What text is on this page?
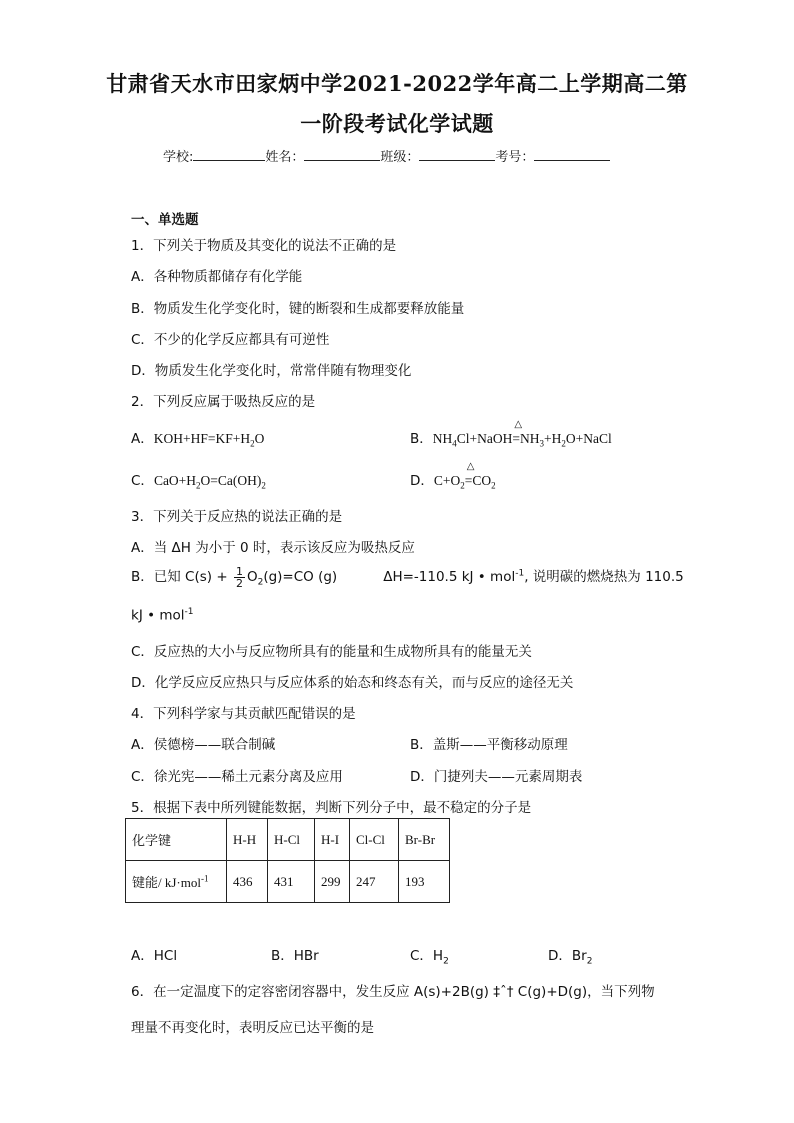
甘肃省天水市田家炳中学2021-2022学年高二上学期高二第
一阶段考试化学试题
学校:	姓名：	班级：	考号：
一、单选题
1．下列关于物质及其变化的说法不正确的是
A．各种物质都储存有化学能
B．物质发生化学变化时，键的断裂和生成都要释放能量
C．不少的化学反应都具有可逆性
D．物质发生化学变化时，常常伴随有物理变化
2．下列反应属于吸热反应的是
A．$KOH+HF=KF+H_2O$	B．$NH_4Cl+NaOH$
△
$=NH_3+H_2O+NaCl$
C．$CaO+H_2O=Ca(OH)_2$	D．$C+O_2$
△
$=CO_2$
3．下列关于反应热的说法正确的是
A．当 ΔH 为小于 0 时，表示该反应为吸热反应
B．已知 $C(s) + \frac{1}{2} O_2(g)=CO$ (g)	ΔH=-110.5 kJ • mol$^{-1}$, 说明碳的燃烧热为 110.5
kJ • mol$^{-1}$
C．反应热的大小与反应物所具有的能量和生成物所具有的能量无关
D．化学反应反应热只与反应体系的始态和终态有关，而与反应的途径无关
4．下列科学家与其贡献匹配错误的是
A．侯德榜——联合制碱	B．盖斯——平衡移动原理
C．徐光宪——稀土元素分离及应用	D．门捷列夫——元素周期表
5．根据下表中所列键能数据，判断下列分子中，最不稳定的分子是
化学键	H-H	H-Cl	H-I	Cl-Cl	Br-Br
键能/ kJ·mol$^{-1}$	436	431	299	247	193
A．HCl	B．HBr	C．$H_2$	D．$Br_2$
6．在一定温度下的定容密闭容器中，发生反应 A(s)+2B(g) ‡ˆ† C(g)+D(g)，当下列物
理量不再变化时，表明反应已达平衡的是
